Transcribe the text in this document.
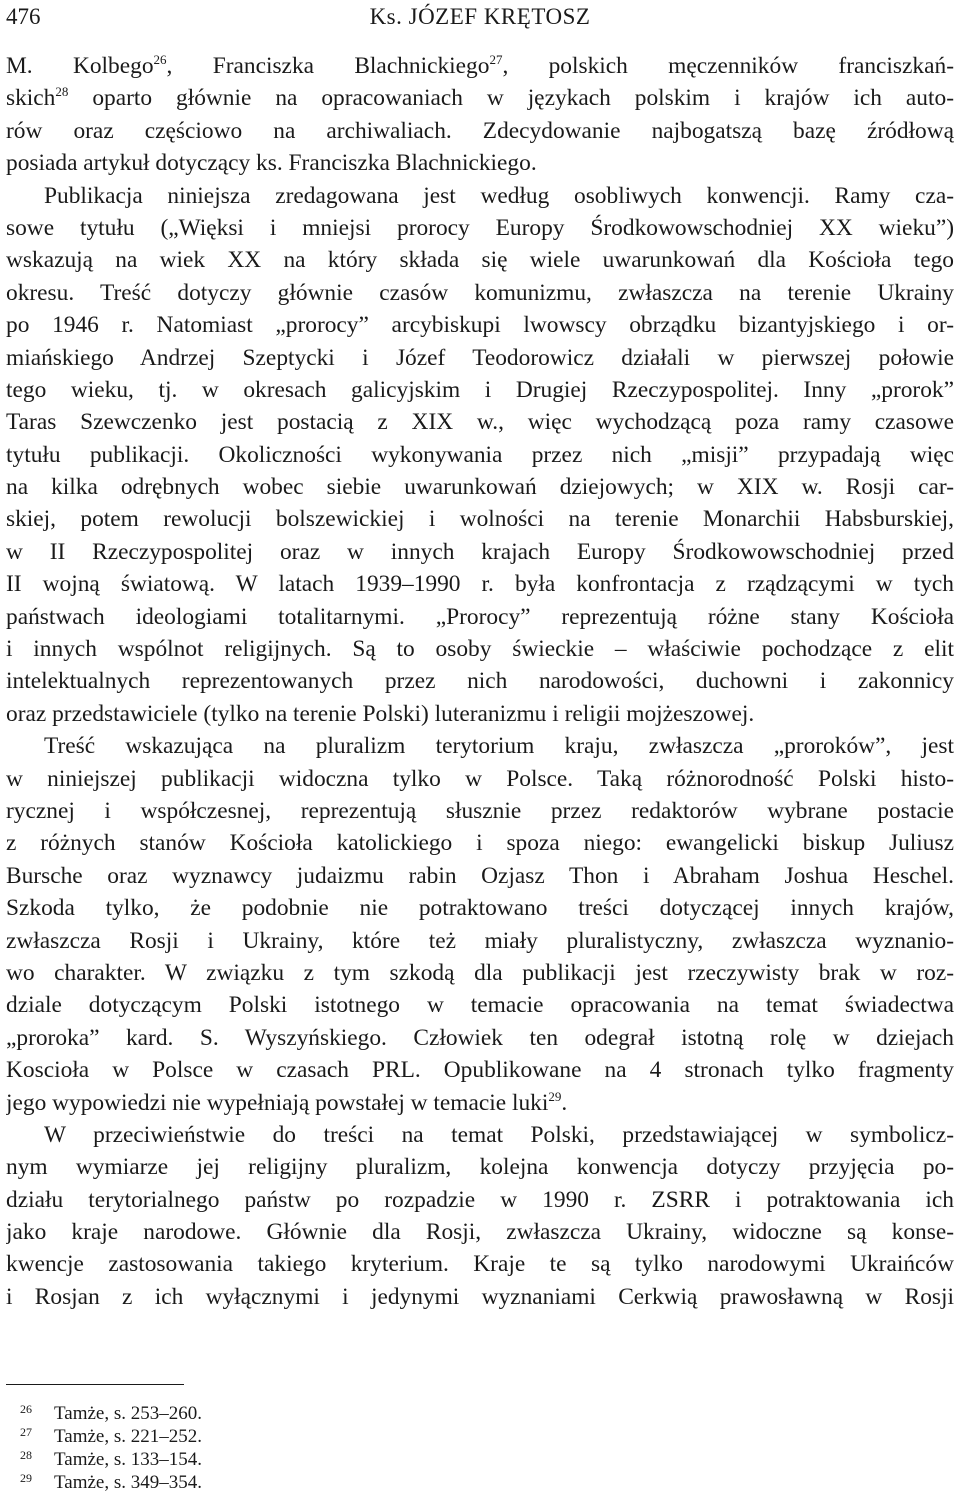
476	Ks. JÓZEF KRĘTOSZ
M. Kolbego$^{26}$, Franciszka Blachnickiego$^{27}$, polskich męczenników franciszkań-
skich$^{28}$ oparto głównie na opracowaniach w językach polskim i krajów ich auto-
rów oraz częściowo na archiwaliach. Zdecydowanie najbogatszą bazę źródłową
posiada artykuł dotyczący ks. Franciszka Blachnickiego.
Publikacja niniejsza zredagowana jest według osobliwych konwencji. Ramy cza-
sowe tytułu („Więksi i mniejsi prorocy Europy Środkowowschodniej XX wieku”)
wskazują na wiek XX na który składa się wiele uwarunkowań dla Kościoła tego
okresu. Treść dotyczy głównie czasów komunizmu, zwłaszcza na terenie Ukrainy
po 1946 r. Natomiast „prorocy” arcybiskupi lwowscy obrządku bizantyjskiego i or-
miańskiego Andrzej Szeptycki i Józef Teodorowicz działali w pierwszej połowie
tego wieku, tj. w okresach galicyjskim i Drugiej Rzeczypospolitej. Inny „prorok”
Taras Szewczenko jest postacią z XIX w., więc wychodzącą poza ramy czasowe
tytułu publikacji. Okoliczności wykonywania przez nich „misji” przypadają więc
na kilka odrębnych wobec siebie uwarunkowań dziejowych; w XIX w. Rosji car-
skiej, potem rewolucji bolszewickiej i wolności na terenie Monarchii Habsburskiej,
w II Rzeczypospolitej oraz w innych krajach Europy Środkowowschodniej przed
II wojną światową. W latach 1939–1990 r. była konfrontacja z rządzącymi w tych
państwach ideologiami totalitarnymi. „Prorocy” reprezentują różne stany Kościoła
i innych wspólnot religijnych. Są to osoby świeckie – właściwie pochodzące z elit
intelektualnych reprezentowanych przez nich narodowości, duchowni i zakonnicy
oraz przedstawiciele (tylko na terenie Polski) luteranizmu i religii mojżeszowej.
Treść wskazująca na pluralizm terytorium kraju, zwłaszcza „proroków”, jest
w niniejszej publikacji widoczna tylko w Polsce. Taką różnorodność Polski histo-
rycznej i współczesnej, reprezentują słusznie przez redaktorów wybrane postacie
z różnych stanów Kościoła katolickiego i spoza niego: ewangelicki biskup Juliusz
Bursche oraz wyznawcy judaizmu rabin Ozjasz Thon i Abraham Joshua Heschel.
Szkoda tylko, że podobnie nie potraktowano treści dotyczącej innych krajów,
zwłaszcza Rosji i Ukrainy, które też miały pluralistyczny, zwłaszcza wyznanio-
wo charakter. W związku z tym szkodą dla publikacji jest rzeczywisty brak w roz-
dziale dotyczącym Polski istotnego w temacie opracowania na temat świadectwa
„proroka” kard. S. Wyszyńskiego. Człowiek ten odegrał istotną rolę w dziejach
Koscioła w Polsce w czasach PRL. Opublikowane na 4 stronach tylko fragmenty
jego wypowiedzi nie wypełniają powstałej w temacie luki$^{29}$.
W przeciwieństwie do treści na temat Polski, przedstawiającej w symbolicz-
nym wymiarze jej religijny pluralizm, kolejna konwencja dotyczy przyjęcia po-
działu terytorialnego państw po rozpadzie w 1990 r. ZSRR i potraktowania ich
jako kraje narodowe. Głównie dla Rosji, zwłaszcza Ukrainy, widoczne są konse-
kwencje zastosowania takiego kryterium. Kraje te są tylko narodowymi Ukraińców
i Rosjan z ich wyłącznymi i jedynymi wyznaniami Cerkwią prawosławną w Rosji
26 Tamże, s. 253–260.
27 Tamże, s. 221–252.
28 Tamże, s. 133–154.
29 Tamże, s. 349–354.
